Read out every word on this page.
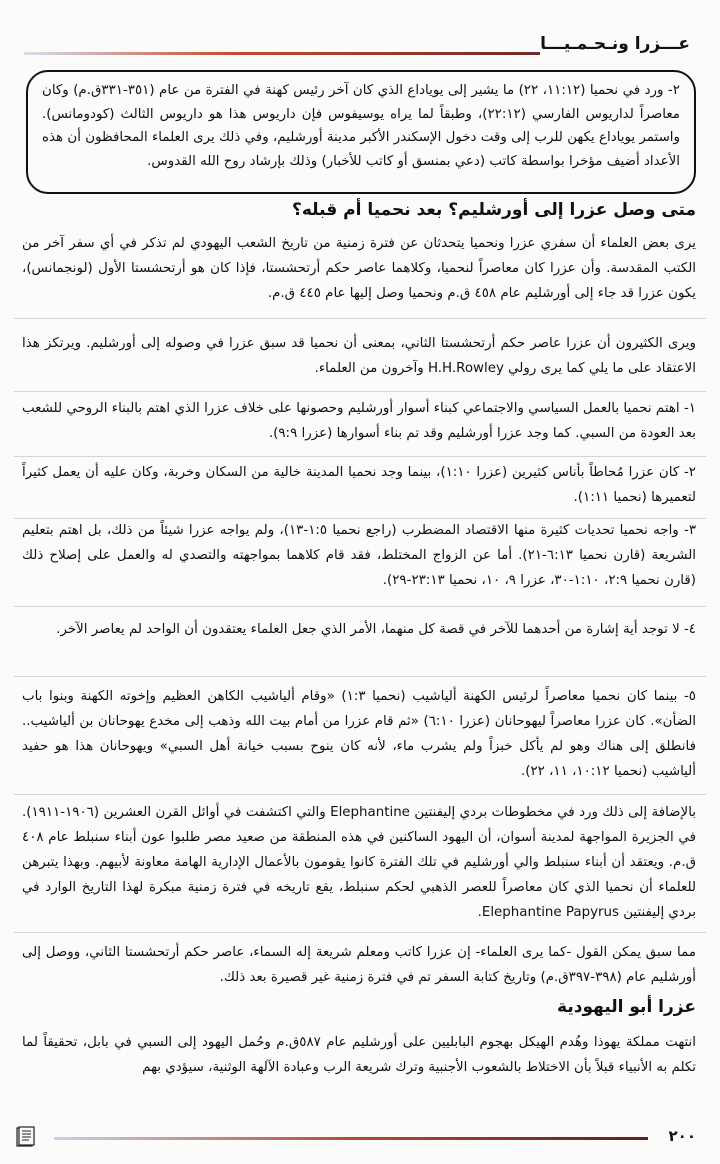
عـــزرا ونـحـمـيـــا
٢- ورد في نحميا (١١:١٢، ٢٢) ما يشير إلى يوياداع الذي كان آخر رئيس كهنة في الفترة من عام (٣٥١-٣٣١ق.م) وكان معاصراً لداريوس الفارسي (٢٢:١٢)، وطبقاً لما يراه يوسيفوس فإن داريوس هذا هو داريوس الثالث (كودومانس). واستمر يوياداع يكهن للرب إلى وقت دخول الإسكندر الأكبر مدينة أورشليم، وفي ذلك يرى العلماء المحافظون أن هذه الأعداد أضيف مؤخرا بواسطة كاتب (دعي بمنسق أو كاتب للأخبار) وذلك بإرشاد روح الله القدوس.
متى وصل عزرا إلى أورشليم؟ بعد نحميا أم قبله؟

يرى بعض العلماء أن سفري عزرا ونحميا يتحدثان عن فترة زمنية من تاريخ الشعب اليهودي لم تذكر في أي سفر آخر من الكتب المقدسة. وأن عزرا كان معاصراً لنحميا، وكلاهما عاصر حكم أرتحشستا، فإذا كان هو أرتحشستا الأول (لونجمانس)، يكون عزرا قد جاء إلى أورشليم عام ٤٥٨ ق.م ونحميا وصل إليها عام ٤٤٥ ق.م.

ويرى الكثيرون أن عزرا عاصر حكم أرتحشستا الثاني، بمعنى أن نحميا قد سبق عزرا في وصوله إلى أورشليم. ويرتكز هذا الاعتقاد على ما يلي كما يرى رولي H.H.Rowley وآخرون من العلماء.

١- اهتم نحميا بالعمل السياسي والاجتماعي كبناء أسوار أورشليم وحصونها على خلاف عزرا الذي اهتم بالبناء الروحي للشعب بعد العودة من السبي. كما وجد عزرا أورشليم وقد تم بناء أسوارها (عزرا ٩:٩).

٢- كان عزرا مُحاطاً بأناس كثيرين (عزرا ١:١٠)، بينما وجد نحميا المدينة خالية من السكان وخربة، وكان عليه أن يعمل كثيراً لتعميرها (نحميا ١:١١).

٣- واجه نحميا تحديات كثيرة منها الاقتصاد المضطرب (راجع نحميا ١:٥-١٣)، ولم يواجه عزرا شيئاً من ذلك، بل اهتم بتعليم الشريعة (قارن نحميا ٦:١٣-٢١). أما عن الزواج المختلط، فقد قام كلاهما بمواجهته والتصدي له والعمل على إصلاح ذلك (قارن نحميا ٢:٩، ١:١٠-٣٠، عزرا ٩، ١٠، نحميا ٢٣:١٣-٢٩).

٤- لا توجد أية إشارة من أحدهما للآخر في قصة كل منهما، الأمر الذي جعل العلماء يعتقدون أن الواحد لم يعاصر الآخر.

٥- بينما كان نحميا معاصراً لرئيس الكهنة ألياشيب (نحميا ١:٣) «وقام ألياشيب الكاهن العظيم وإخوته الكهنة وبنوا باب الضأن». كان عزرا معاصراً ليهوحانان (عزرا ٦:١٠) «ثم قام عزرا من أمام بيت الله وذهب إلى مخدع يهوحانان بن ألياشيب.. فانطلق إلى هناك وهو لم يأكل خبزاً ولم يشرب ماء، لأنه كان ينوح بسبب خيانة أهل السبي» ويهوحانان هذا هو حفيد ألياشيب (نحميا ١٠:١٢، ١١، ٢٢).

بالإضافة إلى ذلك ورد في مخطوطات بردي إليفنتين Elephantine والتي اكتشفت في أوائل القرن العشرين (١٩٠٦-١٩١١). في الجزيرة المواجهة لمدينة أسوان، أن اليهود الساكنين في هذه المنطقة من صعيد مصر طلبوا عون أبناء سنبلط عام ٤٠٨ ق.م. ويعتقد أن أبناء سنبلط والي أورشليم في تلك الفترة كانوا يقومون بالأعمال الإدارية الهامة معاونة لأبيهم. وبهذا يتبرهن للعلماء أن نحميا الذي كان معاصراً للعصر الذهبي لحكم سنبلط، يقع تاريخه في فترة زمنية مبكرة لهذا التاريخ الوارد في بردي إليفنتين Elephantine Papyrus.

مما سبق يمكن القول -كما يرى العلماء- إن عزرا كاتب ومعلم شريعة إله السماء، عاصر حكم أرتحشستا الثاني، ووصل إلى أورشليم عام (٣٩٨-٣٩٧ق.م) وتاريخ كتابة السفر تم في فترة زمنية غير قصيرة بعد ذلك.

عزرا أبو اليهودية

انتهت مملكة يهوذا وهُدم الهيكل بهجوم البابليين على أورشليم عام ٥٨٧ق.م وحُمل اليهود إلى السبي في بابل، تحقيقاً لما تكلم به الأنبياء قبلاً بأن الاختلاط بالشعوب الأجنبية وترك شريعة الرب وعبادة الآلهة الوثنية، سيؤدي بهم

٢٠٠
